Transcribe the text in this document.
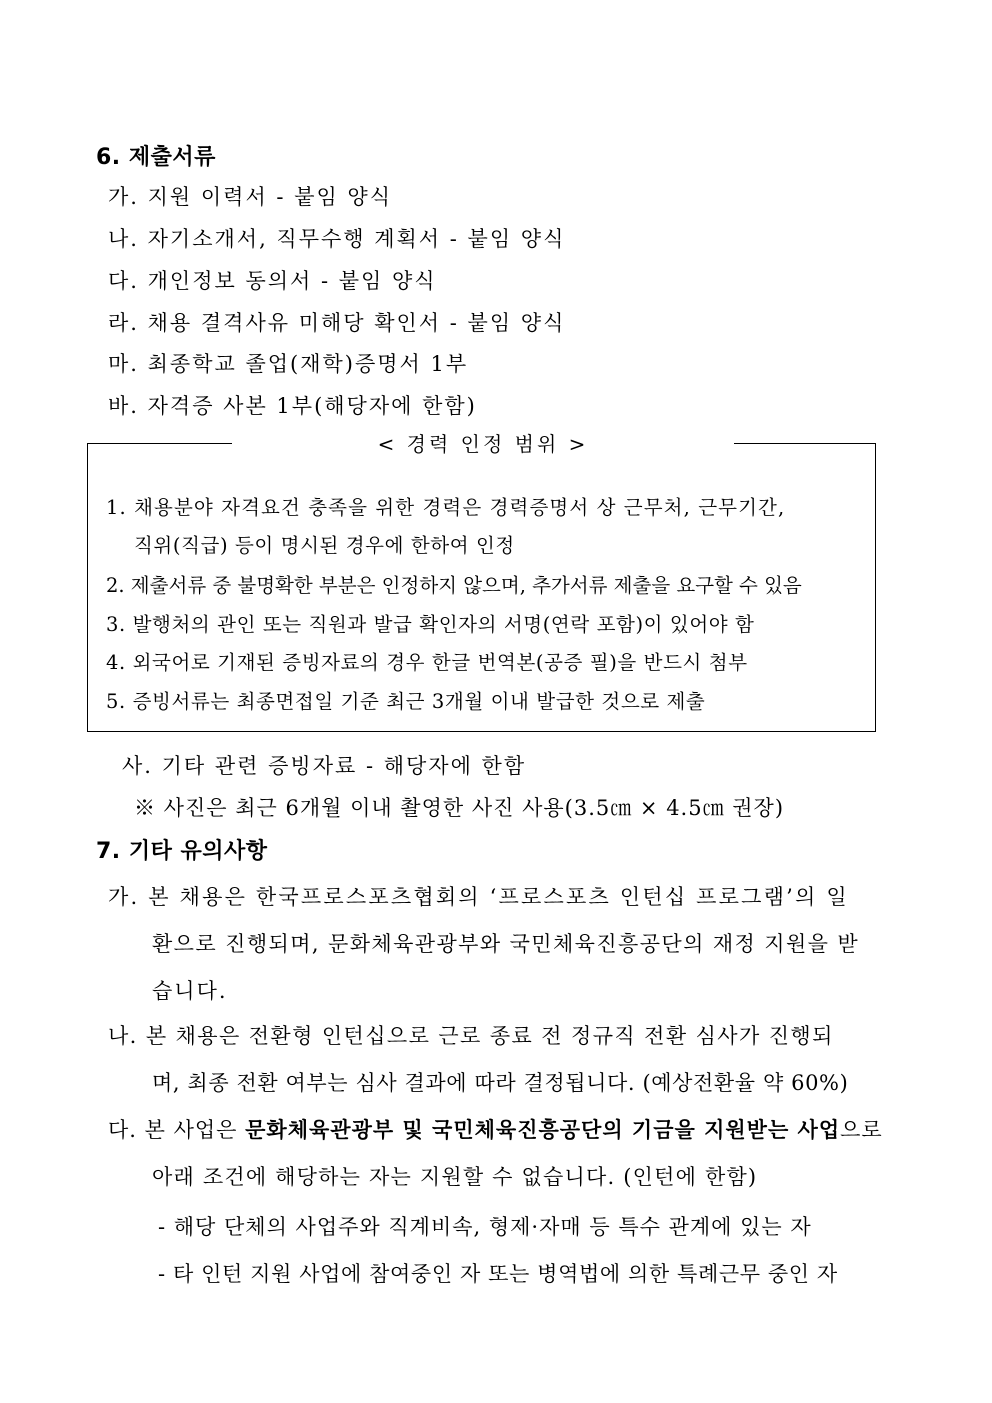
6. 제출서류
가. 지원 이력서 - 붙임 양식
나. 자기소개서, 직무수행 계획서 - 붙임 양식
다. 개인정보 동의서 - 붙임 양식
라. 채용 결격사유 미해당 확인서 - 붙임 양식
마. 최종학교 졸업(재학)증명서 1부
바. 자격증 사본 1부(해당자에 한함)
< 경력 인정 범위 >
1. 채용분야 자격요건 충족을 위한 경력은 경력증명서 상 근무처, 근무기간,
직위(직급) 등이 명시된 경우에 한하여 인정
2. 제출서류 중 불명확한 부분은 인정하지 않으며, 추가서류 제출을 요구할 수 있음
3. 발행처의 관인 또는 직원과 발급 확인자의 서명(연락 포함)이 있어야 함
4. 외국어로 기재된 증빙자료의 경우 한글 번역본(공증 필)을 반드시 첨부
5. 증빙서류는 최종면접일 기준 최근 3개월 이내 발급한 것으로 제출
사. 기타 관련 증빙자료 - 해당자에 한함
※ 사진은 최근 6개월 이내 촬영한 사진 사용(3.5㎝ × 4.5㎝ 권장)
7. 기타 유의사항
가. 본 채용은 한국프로스포츠협회의 ‘프로스포츠 인턴십 프로그램’의 일
환으로 진행되며, 문화체육관광부와 국민체육진흥공단의 재정 지원을 받
습니다.
나. 본 채용은 전환형 인턴십으로 근로 종료 전 정규직 전환 심사가 진행되
며, 최종 전환 여부는 심사 결과에 따라 결정됩니다. (예상전환율 약 60%)
다. 본 사업은 문화체육관광부 및 국민체육진흥공단의 기금을 지원받는 사업으로
아래 조건에 해당하는 자는 지원할 수 없습니다. (인턴에 한함)
- 해당 단체의 사업주와 직계비속, 형제·자매 등 특수 관계에 있는 자
- 타 인턴 지원 사업에 참여중인 자 또는 병역법에 의한 특례근무 중인 자
